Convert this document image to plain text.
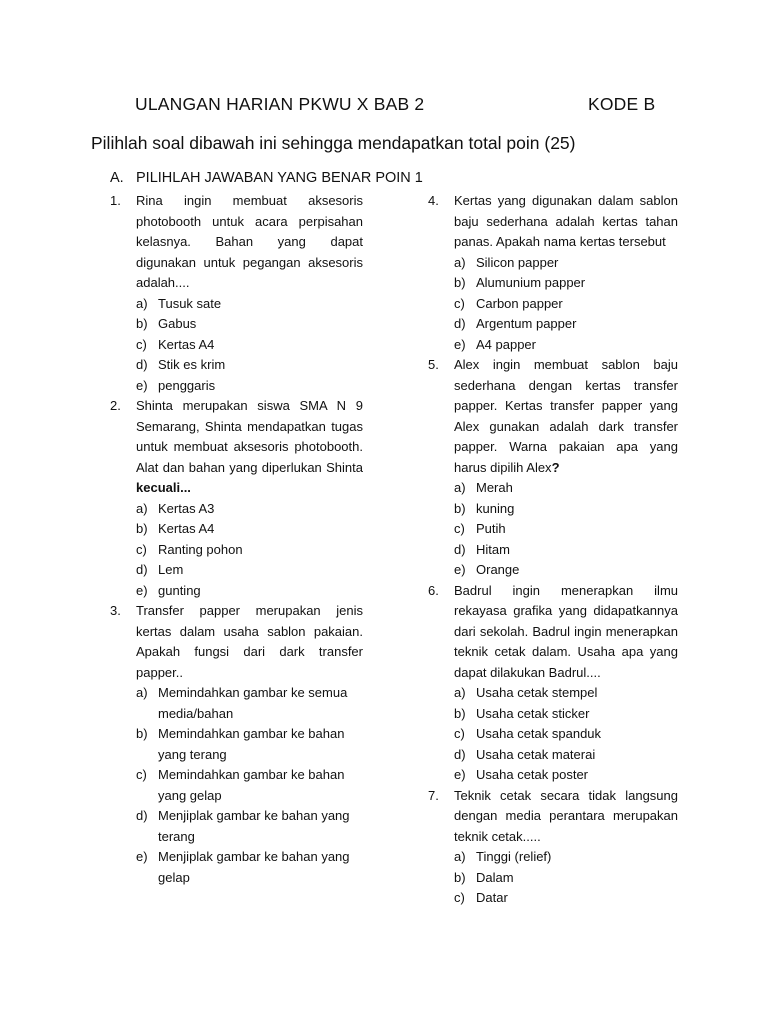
ULANGAN HARIAN PKWU X BAB 2	KODE B
Pilihlah soal dibawah ini sehingga mendapatkan total poin (25)
A. PILIHLAH JAWABAN YANG BENAR POIN 1
1.	Rina ingin membuat aksesoris photobooth untuk acara perpisahan kelasnya. Bahan yang dapat digunakan untuk pegangan aksesoris adalah....
a) Tusuk sate
b) Gabus
c) Kertas A4
d) Stik es krim
e) penggaris
2.	Shinta merupakan siswa SMA N 9 Semarang, Shinta mendapatkan tugas untuk membuat aksesoris photobooth. Alat dan bahan yang diperlukan Shinta kecuali...
a) Kertas A3
b) Kertas A4
c) Ranting pohon
d) Lem
e) gunting
3.	Transfer papper merupakan jenis kertas dalam usaha sablon pakaian. Apakah fungsi dari dark transfer papper..
a) Memindahkan gambar ke semua media/bahan
b) Memindahkan gambar ke bahan yang terang
c) Memindahkan gambar ke bahan yang gelap
d) Menjiplak gambar ke bahan yang terang
e) Menjiplak gambar ke bahan yang gelap
4.	Kertas yang digunakan dalam sablon baju sederhana adalah kertas tahan panas. Apakah nama kertas tersebut
a) Silicon papper
b) Alumunium papper
c) Carbon papper
d) Argentum papper
e) A4 papper
5.	Alex ingin membuat sablon baju sederhana dengan kertas transfer papper. Kertas transfer papper yang Alex gunakan adalah dark transfer papper. Warna pakaian apa yang harus dipilih Alex?
a) Merah
b) kuning
c) Putih
d) Hitam
e) Orange
6.	Badrul ingin menerapkan ilmu rekayasa grafika yang didapatkannya dari sekolah. Badrul ingin menerapkan teknik cetak dalam. Usaha apa yang dapat dilakukan Badrul....
a) Usaha cetak stempel
b) Usaha cetak sticker
c) Usaha cetak spanduk
d) Usaha cetak materai
e) Usaha cetak poster
7.	Teknik cetak secara tidak langsung dengan media perantara merupakan teknik cetak.....
a) Tinggi (relief)
b) Dalam
c) Datar
